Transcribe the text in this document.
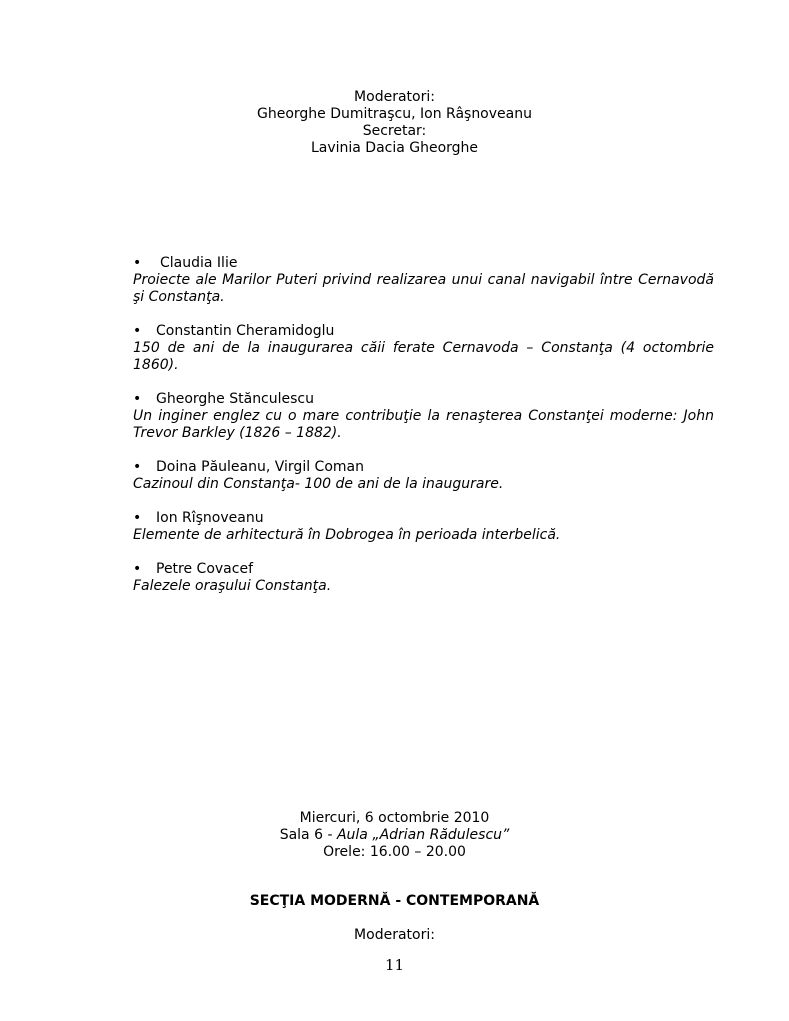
Moderatori:
Gheorghe Dumitraşcu, Ion Râşnoveanu
Secretar:
Lavinia Dacia Gheorghe
• Claudia Ilie
Proiecte ale Marilor Puteri privind realizarea unui canal navigabil între Cernavodă şi Constanţa.
• Constantin Cheramidoglu
150 de ani de la inaugurarea căii ferate Cernavoda – Constanţa (4 octombrie 1860).
• Gheorghe Stănculescu
Un inginer englez cu o mare contribuţie la renaşterea Constanţei moderne: John Trevor Barkley (1826 – 1882).
• Doina Păuleanu, Virgil Coman
Cazinoul din Constanţa- 100 de ani de la inaugurare.
• Ion Rîşnoveanu
Elemente de arhitectură în Dobrogea în perioada interbelică.
• Petre Covacef
Falezele oraşului Constanţa.
Miercuri, 6 octombrie 2010
Sala 6 - Aula „Adrian Rădulescu”
Orele: 16.00 – 20.00
SECŢIA MODERNĂ - CONTEMPORANĂ
Moderatori:
11
